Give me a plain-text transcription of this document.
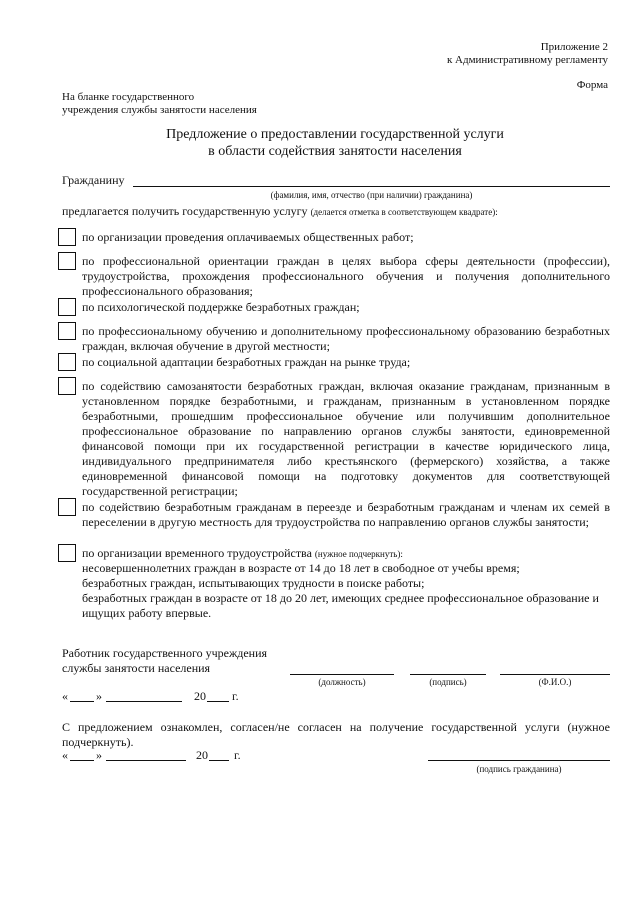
Приложение 2
к Административному регламенту
Форма
На бланке государственного
учреждения службы занятости населения
Предложение о предоставлении государственной услуги
в области содействия занятости населения
Гражданину
(фамилия, имя, отчество (при наличии) гражданина)
предлагается получить государственную услугу (делается отметка в соответствующем квадрате):
по организации проведения оплачиваемых общественных работ;
по профессиональной ориентации граждан в целях выбора сферы деятельности (профессии), трудоустройства, прохождения профессионального обучения и получения дополнительного профессионального образования;
по психологической поддержке безработных граждан;
по профессиональному обучению и дополнительному профессиональному образованию безработных граждан, включая обучение в другой местности;
по социальной адаптации безработных граждан на рынке труда;
по содействию самозанятости безработных граждан, включая оказание гражданам, признанным в установленном порядке безработными, и гражданам, признанным в установленном порядке безработными, прошедшим профессиональное обучение или получившим дополнительное профессиональное образование по направлению органов службы занятости, единовременной финансовой помощи при их государственной регистрации в качестве юридического лица, индивидуального предпринимателя либо крестьянского (фермерского) хозяйства, а также единовременной финансовой помощи на подготовку документов для соответствующей государственной регистрации;
по содействию безработным гражданам в переезде и безработным гражданам и членам их семей в переселении в другую местность для трудоустройства по направлению органов службы занятости;
по организации временного трудоустройства (нужное подчеркнуть):
несовершеннолетних граждан в возрасте от 14 до 18 лет в свободное от учебы время;
безработных граждан, испытывающих трудности в поиске работы;
безработных граждан в возрасте от 18 до 20 лет, имеющих среднее профессиональное образование и ищущих работу впервые.
Работник государственного учреждения
службы занятости населения
(должность)	(подпись)	(Ф.И.О.)
« »	20 г.
С предложением ознакомлен, согласен/не согласен на получение государственной услуги (нужное подчеркнуть).
« »	20 г.
(подпись гражданина)
